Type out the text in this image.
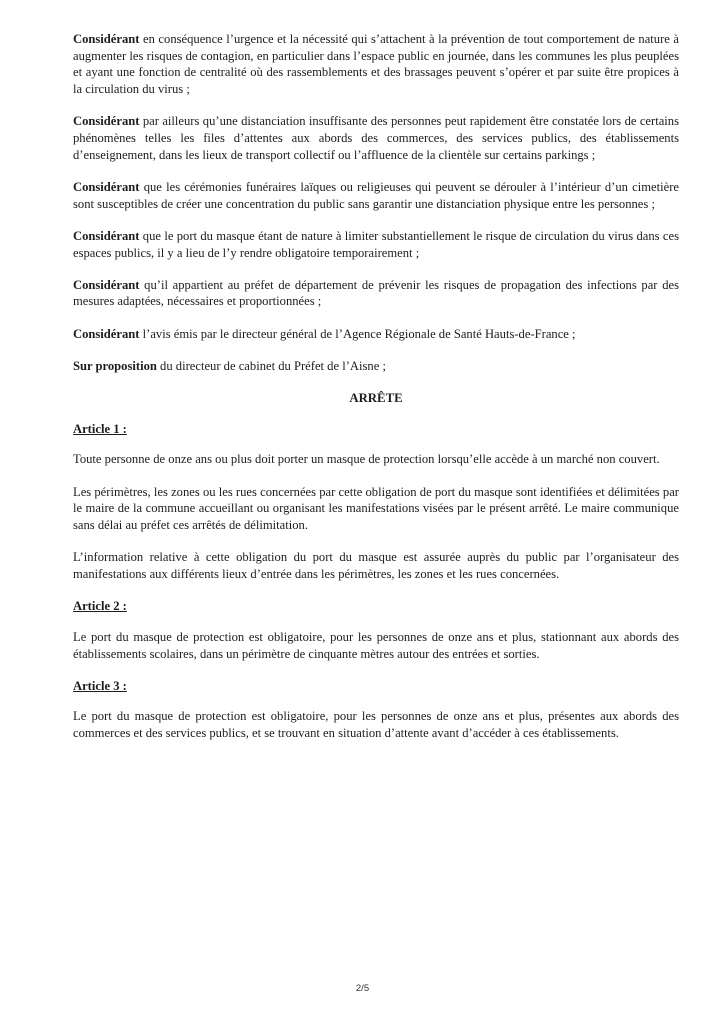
Considérant en conséquence l’urgence et la nécessité qui s’attachent à la prévention de tout comportement de nature à augmenter les risques de contagion, en particulier dans l’espace public en journée, dans les communes les plus peuplées et ayant une fonction de centralité où des rassemblements et des brassages peuvent s’opérer et par suite être propices à la circulation du virus ;

Considérant par ailleurs qu’une distanciation insuffisante des personnes peut rapidement être constatée lors de certains phénomènes telles les files d’attentes aux abords des commerces, des services publics, des établissements d’enseignement, dans les lieux de transport collectif ou l’affluence de la clientèle sur certains parkings ;

Considérant que les cérémonies funéraires laïques ou religieuses qui peuvent se dérouler à l’intérieur d’un cimetière sont susceptibles de créer une concentration du public sans garantir une distanciation physique entre les personnes ;

Considérant que le port du masque étant de nature à limiter substantiellement le risque de circulation du virus dans ces espaces publics, il y a lieu de l’y rendre obligatoire temporairement ;

Considérant qu’il appartient au préfet de département de prévenir les risques de propagation des infections par des mesures adaptées, nécessaires et proportionnées ;

Considérant l’avis émis par le directeur général de l’Agence Régionale de Santé Hauts-de-France ;

Sur proposition du directeur de cabinet du Préfet de l’Aisne ;

ARRÊTE
Article 1 :

Toute personne de onze ans ou plus doit porter un masque de protection lorsqu’elle accède à un marché non couvert.

Les périmètres, les zones ou les rues concernées par cette obligation de port du masque sont identifiées et délimitées par le maire de la commune accueillant ou organisant les manifestations visées par le présent arrêté. Le maire communique sans délai au préfet ces arrêtés de délimitation.

L’information relative à cette obligation du port du masque est assurée auprès du public par l’organisateur des manifestations aux différents lieux d’entrée dans les périmètres, les zones et les rues concernées.

Article 2 :

Le port du masque de protection est obligatoire, pour les personnes de onze ans et plus, stationnant aux abords des établissements scolaires, dans un périmètre de cinquante mètres autour des entrées et sorties.

Article 3 :

Le port du masque de protection est obligatoire, pour les personnes de onze ans et plus, présentes aux abords des commerces et des services publics, et se trouvant en situation d’attente avant d’accéder à ces établissements.

2/5
